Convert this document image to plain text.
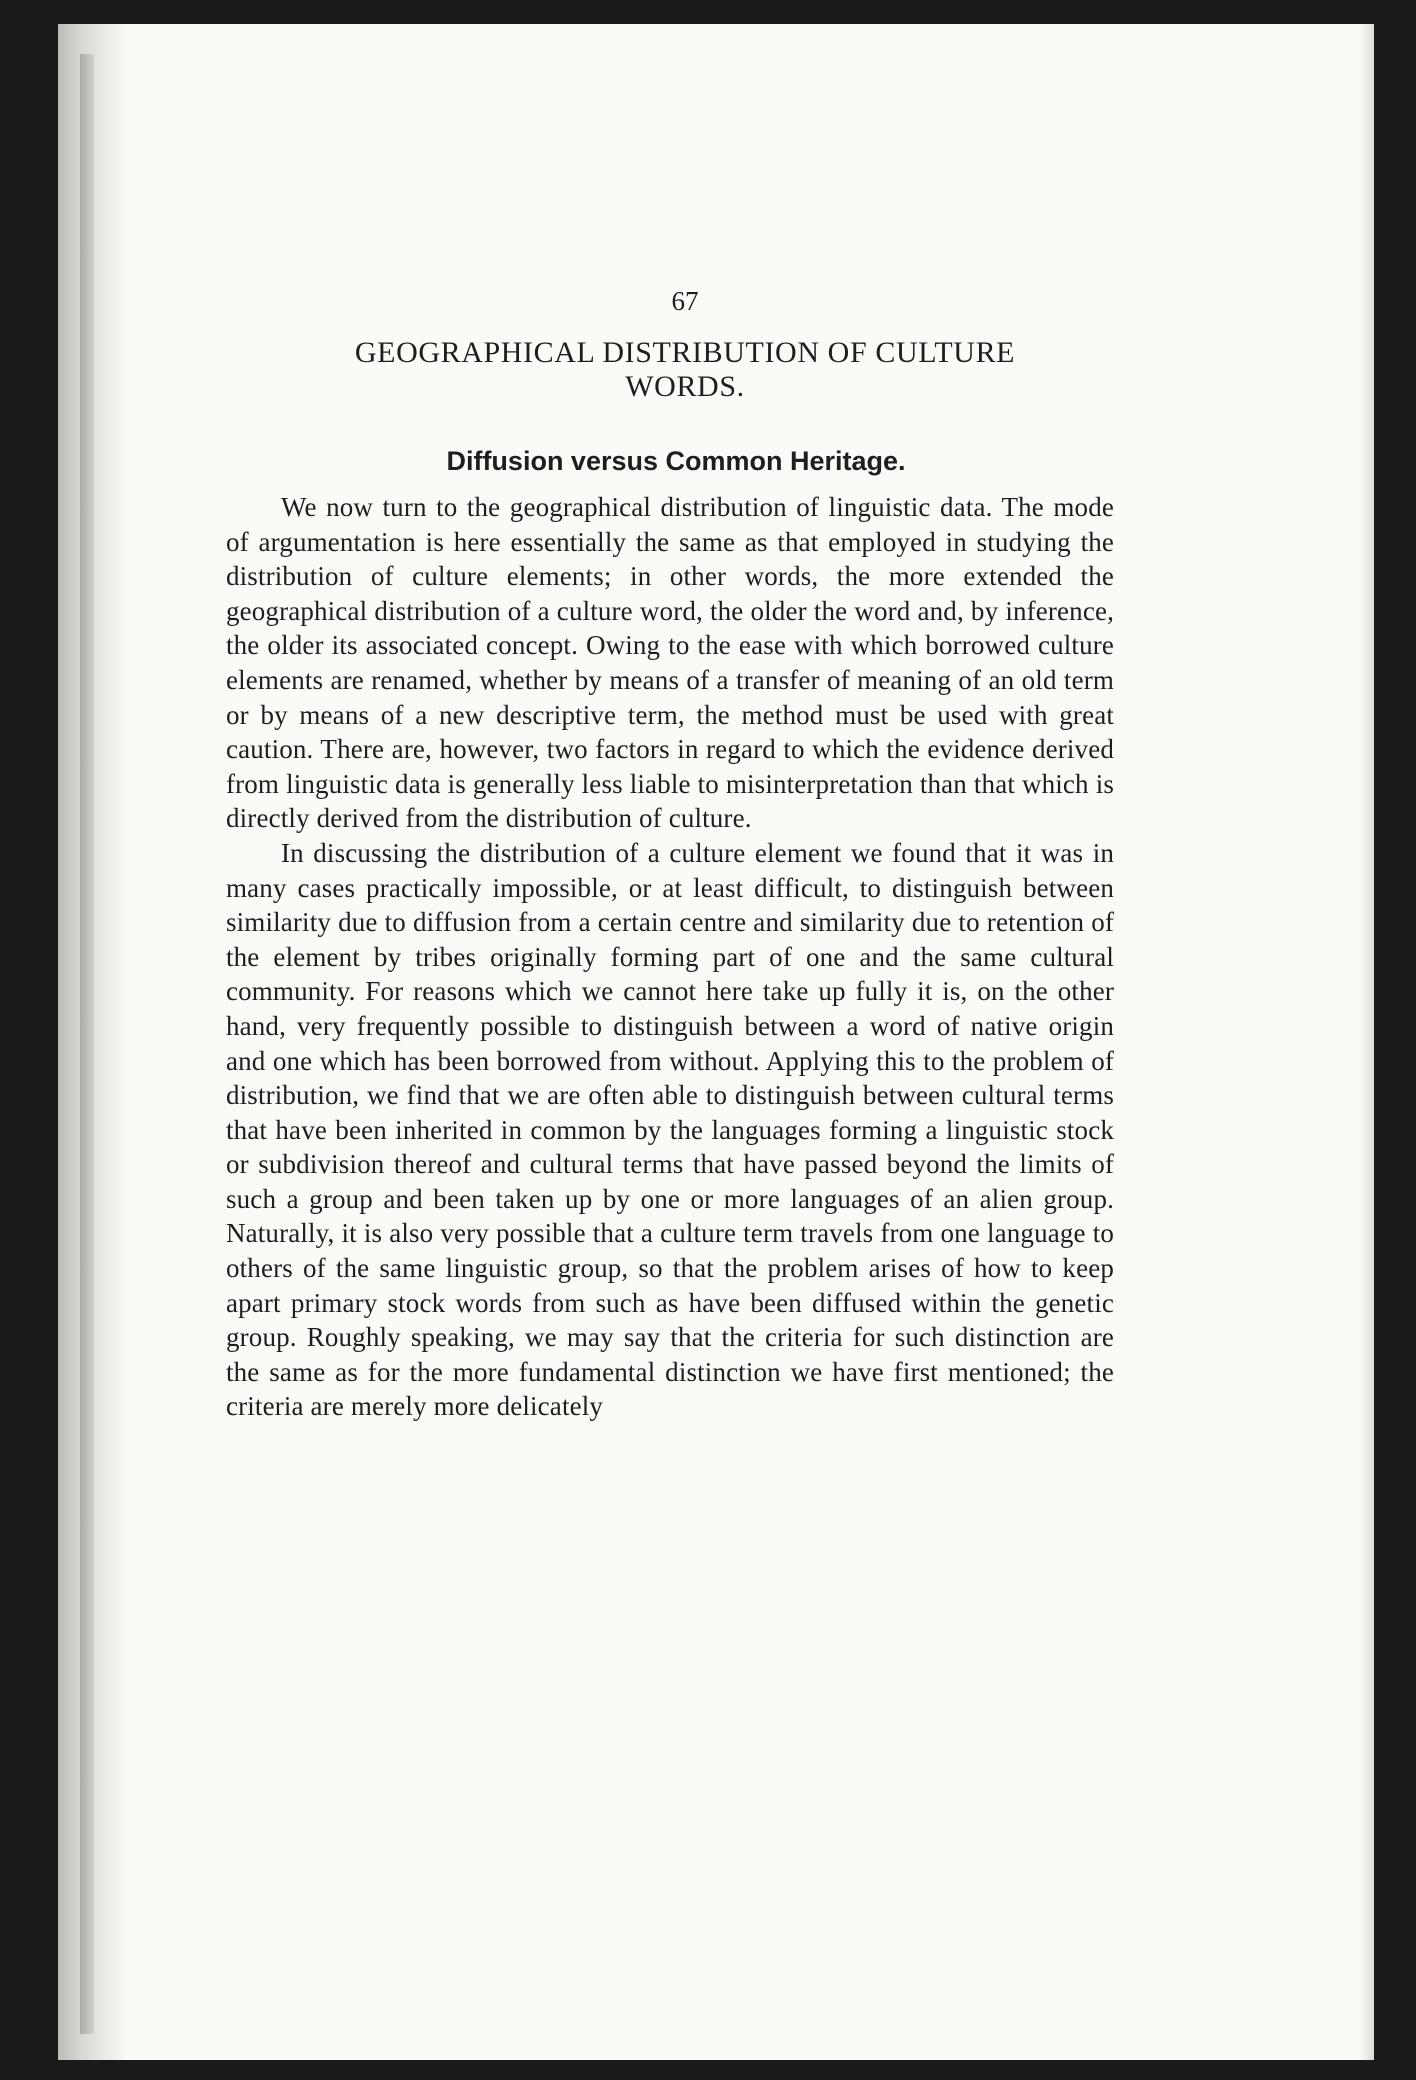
67

GEOGRAPHICAL DISTRIBUTION OF CULTURE
WORDS.
Diffusion versus Common Heritage.

We now turn to the geographical distribution of linguistic data. The mode of argumentation is here essentially the same as that employed in studying the distribution of culture elements; in other words, the more extended the geographical distribution of a culture word, the older the word and, by inference, the older its associated concept. Owing to the ease with which borrowed culture elements are renamed, whether by means of a transfer of meaning of an old term or by means of a new descriptive term, the method must be used with great caution. There are, however, two factors in regard to which the evidence derived from linguistic data is generally less liable to misinterpretation than that which is directly derived from the distribution of culture.

In discussing the distribution of a culture element we found that it was in many cases practically impossible, or at least difficult, to distinguish between similarity due to diffusion from a certain centre and similarity due to retention of the element by tribes originally forming part of one and the same cultural community. For reasons which we cannot here take up fully it is, on the other hand, very frequently possible to distinguish between a word of native origin and one which has been borrowed from without. Applying this to the problem of distribution, we find that we are often able to distinguish between cultural terms that have been inherited in common by the languages forming a linguistic stock or subdivision thereof and cultural terms that have passed beyond the limits of such a group and been taken up by one or more languages of an alien group. Naturally, it is also very possible that a culture term travels from one language to others of the same linguistic group, so that the problem arises of how to keep apart primary stock words from such as have been diffused within the genetic group. Roughly speaking, we may say that the criteria for such distinction are the same as for the more fundamental distinction we have first mentioned; the criteria are merely more delicately
